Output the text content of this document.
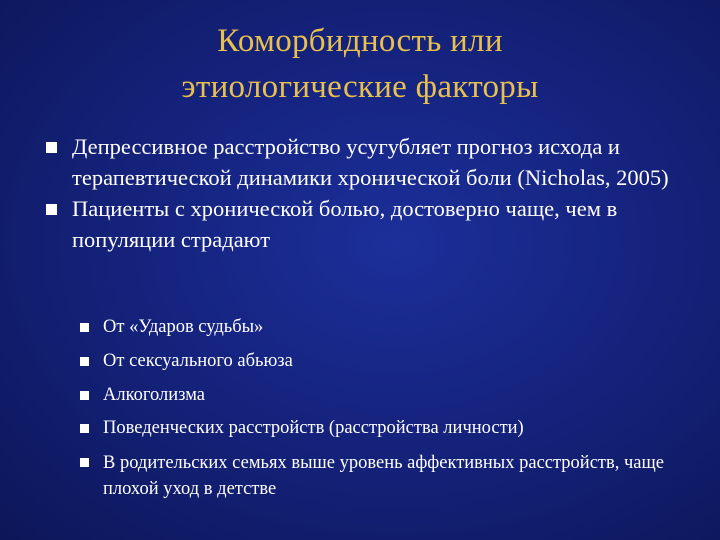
Коморбидность или
этиологические факторы
Депрессивное расстройство усугубляет прогноз исхода и терапевтической динамики хронической боли (Nicholas, 2005)
Пациенты с хронической болью, достоверно чаще, чем в популяции страдают
От «Ударов судьбы»
От сексуального абьюза
Алкоголизма
Поведенческих расстройств (расстройства личности)
В родительских семьях выше уровень аффективных расстройств, чаще плохой уход в детстве
